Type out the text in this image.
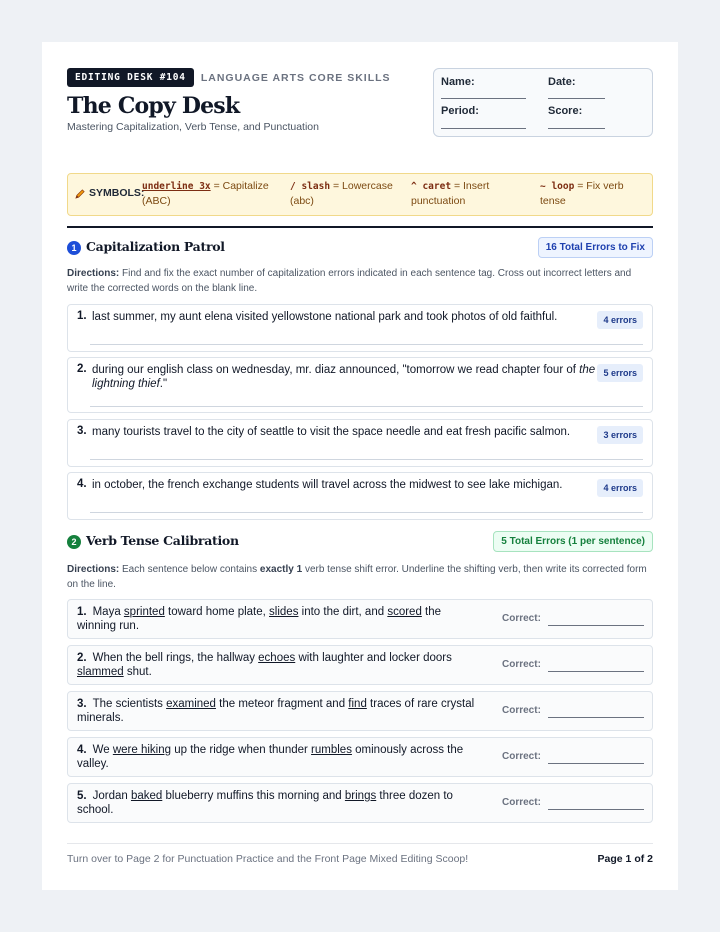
EDITING DESK #104	LANGUAGE ARTS CORE SKILLS
The Copy Desk
Mastering Capitalization, Verb Tense, and Punctuation
Name:	Date:
Period:	Score:
SYMBOLS:
underline 3x = Capitalize (ABC)
/ slash = Lowercase (abc)
^ caret = Insert punctuation
~ loop = Fix verb tense
1 Capitalization Patrol	16 Total Errors to Fix
Directions: Find and fix the exact number of capitalization errors indicated in each sentence tag. Cross out incorrect letters and write the corrected words on the blank line.
1. last summer, my aunt elena visited yellowstone national park and took photos of old faithful.	4 errors
2. during our english class on wednesday, mr. diaz announced, "tomorrow we read chapter four of the lightning thief."
5 errors
3. many tourists travel to the city of seattle to visit the space needle and eat fresh pacific salmon.	3 errors
4. in october, the french exchange students will travel across the midwest to see lake michigan.	4 errors
2 Verb Tense Calibration	5 Total Errors (1 per sentence)
Directions: Each sentence below contains exactly 1 verb tense shift error. Underline the shifting verb, then write its corrected form on the line.
1. Maya sprinted toward home plate, slides into the dirt, and scored the winning run.
Correct:
2. When the bell rings, the hallway echoes with laughter and locker doors slammed shut.
Correct:
3. The scientists examined the meteor fragment and find traces of rare crystal minerals.
Correct:
4. We were hiking up the ridge when thunder rumbles ominously across the valley.
Correct:
5. Jordan baked blueberry muffins this morning and brings three dozen to school.
Correct:
Turn over to Page 2 for Punctuation Practice and the Front Page Mixed Editing Scoop!	Page 1 of 2
